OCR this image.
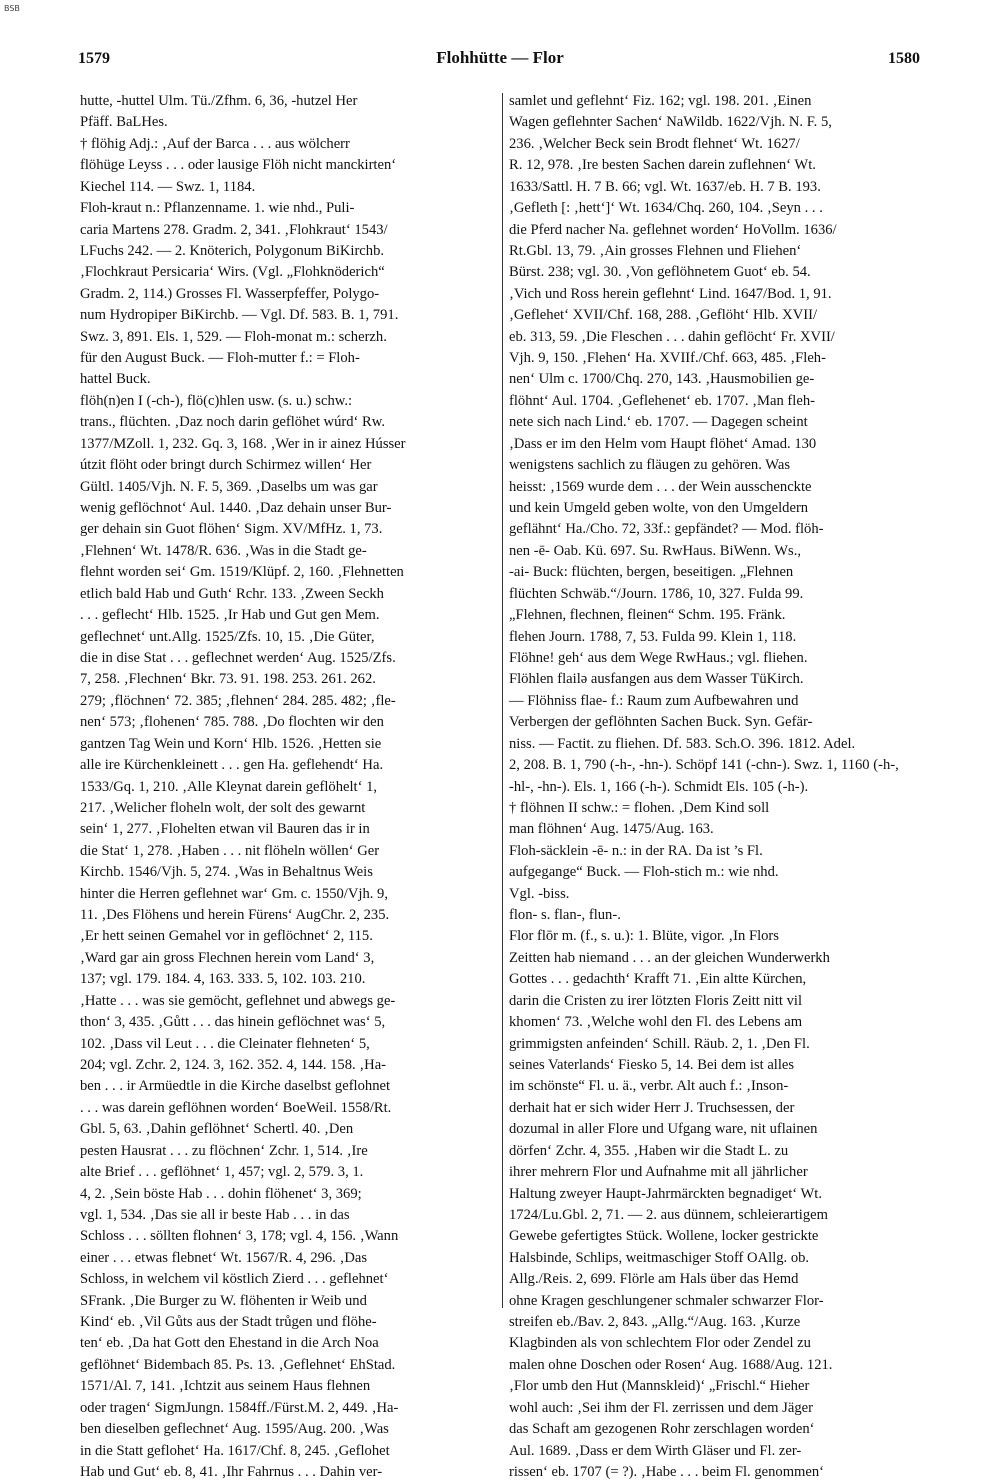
BSB
1579	Flohhütte — Flor	1580
hutte, -huttel Ulm. Tü./Zfhm. 6, 36, -hutzel Her
Pfäff. BaLHes.
† flöhig Adj.: ‚Auf der Barca . . . aus wölcherr
flöhüge Leyss . . . oder lausige Flöh nicht manckirten‘
Kiechel 114. — Swz. 1, 1184.
Floh-kraut n.: Pflanzenname. 1. wie nhd., Puli-
caria Martens 278. Gradm. 2, 341. ‚Flohkraut‘ 1543/
LFuchs 242. — 2. Knöterich, Polygonum BiKirchb.
‚Flochkraut Persicaria‘ Wirs. (Vgl. „Flohknöderich“
Gradm. 2, 114.) Grosses Fl. Wasserpfeffer, Polygo-
num Hydropiper BiKirchb. — Vgl. Df. 583. B. 1, 791.
Swz. 3, 891. Els. 1, 529. — Floh-monat m.: scherzh.
für den August Buck. — Floh-mutter f.: = Floh-
hattel Buck.
flöh(n)en I (-ch-), flö(c)hlen usw. (s. u.) schw.:
trans., flüchten. ‚Daz noch darin geflöhet wúrd‘ Rw.
1377/MZoll. 1, 232. Gq. 3, 168. ‚Wer in ir ainez Hússer
útzit flöht oder bringt durch Schirmez willen‘ Her
Gültl. 1405/Vjh. N. F. 5, 369. ‚Daselbs um was gar
wenig geflöchnot‘ Aul. 1440. ‚Daz dehain unser Bur-
ger dehain sin Guot flöhen‘ Sigm. XV/MfHz. 1, 73.
‚Flehnen‘ Wt. 1478/R. 636. ‚Was in die Stadt ge-
flehnt worden sei‘ Gm. 1519/Klüpf. 2, 160. ‚Flehnetten
etlich bald Hab und Guth‘ Rchr. 133. ‚Zween Seckh
. . . geflecht‘ Hlb. 1525. ‚Ir Hab und Gut gen Mem.
geflechnet‘ unt.Allg. 1525/Zfs. 10, 15. ‚Die Güter,
die in dise Stat . . . geflechnet werden‘ Aug. 1525/Zfs.
7, 258. ‚Flechnen‘ Bkr. 73. 91. 198. 253. 261. 262.
279; ‚flöchnen‘ 72. 385; ‚flehnen‘ 284. 285. 482; ‚fle-
nen‘ 573; ‚flohenen‘ 785. 788. ‚Do flochten wir den
gantzen Tag Wein und Korn‘ Hlb. 1526. ‚Hetten sie
alle ire Kürchenkleinett . . . gen Ha. geflehendt‘ Ha.
1533/Gq. 1, 210. ‚Alle Kleynat darein geflöhelt‘ 1,
217. ‚Welicher floheln wolt, der solt des gewarnt
sein‘ 1, 277. ‚Flohelten etwan vil Bauren das ir in
die Stat‘ 1, 278. ‚Haben . . . nit flöheln wöllen‘ Ger
Kirchb. 1546/Vjh. 5, 274. ‚Was in Behaltnus Weis
hinter die Herren geflehnet war‘ Gm. c. 1550/Vjh. 9,
11. ‚Des Flöhens und herein Fürens‘ AugChr. 2, 235.
‚Er hett seinen Gemahel vor in geflöchnet‘ 2, 115.
‚Ward gar ain gross Flechnen herein vom Land‘ 3,
137; vgl. 179. 184. 4, 163. 333. 5, 102. 103. 210.
‚Hatte . . . was sie gemöcht, geflehnet und abwegs ge-
thon‘ 3, 435. ‚Gůtt . . . das hinein geflöchnet was‘ 5,
102. ‚Dass vil Leut . . . die Cleinater flehneten‘ 5,
204; vgl. Zchr. 2, 124. 3, 162. 352. 4, 144. 158. ‚Ha-
ben . . . ir Armüedtle in die Kirche daselbst geflohnet
. . . was darein geflöhnen worden‘ BoeWeil. 1558/Rt.
Gbl. 5, 63. ‚Dahin geflöhnet‘ Schertl. 40. ‚Den
pesten Hausrat . . . zu flöchnen‘ Zchr. 1, 514. ‚Ire
alte Brief . . . geflöhnet‘ 1, 457; vgl. 2, 579. 3, 1.
4, 2. ‚Sein böste Hab . . . dohin flöhenet‘ 3, 369;
vgl. 1, 534. ‚Das sie all ir beste Hab . . . in das
Schloss . . . söllten flohnen‘ 3, 178; vgl. 4, 156. ‚Wann
einer . . . etwas flebnet‘ Wt. 1567/R. 4, 296. ‚Das
Schloss, in welchem vil köstlich Zierd . . . geflehnet‘
SFrank. ‚Die Burger zu W. flöhenten ir Weib und
Kind‘ eb. ‚Vil Gůts aus der Stadt trůgen und flöhe-
ten‘ eb. ‚Da hat Gott den Ehestand in die Arch Noa
geflöhnet‘ Bidembach 85. Ps. 13. ‚Geflehnet‘ EhStad.
1571/Al. 7, 141. ‚Ichtzit aus seinem Haus flehnen
oder tragen‘ SigmJungn. 1584ff./Fürst.M. 2, 449. ‚Ha-
ben dieselben geflechnet‘ Aug. 1595/Aug. 200. ‚Was
in die Statt geflohet‘ Ha. 1617/Chf. 8, 245. ‚Geflohet
Hab und Gut‘ eb. 8, 41. ‚Ihr Fahrnus . . . Dahin ver-
samlet und geflehnt‘ Fiz. 162; vgl. 198. 201. ‚Einen
Wagen geflehnter Sachen‘ NaWildb. 1622/Vjh. N. F. 5,
236. ‚Welcher Beck sein Brodt flehnet‘ Wt. 1627/
R. 12, 978. ‚Ire besten Sachen darein zuflehnen‘ Wt.
1633/Sattl. H. 7 B. 66; vgl. Wt. 1637/eb. H. 7 B. 193.
‚Gefleth [: ‚hett‘]‘ Wt. 1634/Chq. 260, 104. ‚Seyn . . .
die Pferd nacher Na. geflehnet worden‘ HoVollm. 1636/
Rt.Gbl. 13, 79. ‚Ain grosses Flehnen und Fliehen‘
Bürst. 238; vgl. 30. ‚Von geflöhnetem Guot‘ eb. 54.
‚Vich und Ross herein geflehnt‘ Lind. 1647/Bod. 1, 91.
‚Geflehet‘ XVII/Chf. 168, 288. ‚Geflöht‘ Hlb. XVII/
eb. 313, 59. ‚Die Fleschen . . . dahin geflöcht‘ Fr. XVII/
Vjh. 9, 150. ‚Flehen‘ Ha. XVIIf./Chf. 663, 485. ‚Fleh-
nen‘ Ulm c. 1700/Chq. 270, 143. ‚Hausmobilien ge-
flöhnt‘ Aul. 1704. ‚Geflehenet‘ eb. 1707. ‚Man fleh-
nete sich nach Lind.‘ eb. 1707. — Dagegen scheint
‚Dass er im den Helm vom Haupt flöhet‘ Amad. 130
wenigstens sachlich zu fläugen zu gehören. Was
heisst: ‚1569 wurde dem . . . der Wein ausschenckte
und kein Umgeld geben wolte, von den Umgeldern
geflähnt‘ Ha./Cho. 72, 33f.: gepfändet? — Mod. flöh-
nen -ē- Oab. Kü. 697. Su. RwHaus. BiWenn. Ws.,
-ai- Buck: flüchten, bergen, beseitigen. „Flehnen
flüchten Schwäb.“/Journ. 1786, 10, 327. Fulda 99.
„Flehnen, flechnen, fleinen“ Schm. 195. Fränk.
flehen Journ. 1788, 7, 53. Fulda 99. Klein 1, 118.
Flöhne! geh‘ aus dem Wege RwHaus.; vgl. fliehen.
Flöhlen flailə ausfangen aus dem Wasser TüKirch.
— Flöhniss flae- f.: Raum zum Aufbewahren und
Verbergen der geflöhnten Sachen Buck. Syn. Gefär-
niss. — Factit. zu fliehen. Df. 583. Sch.O. 396. 1812. Adel.
2, 208. B. 1, 790 (-h-, -hn-). Schöpf 141 (-chn-). Swz. 1, 1160 (-h-,
-hl-, -hn-). Els. 1, 166 (-h-). Schmidt Els. 105 (-h-).
† flöhnen II schw.: = flohen. ‚Dem Kind soll
man flöhnen‘ Aug. 1475/Aug. 163.
Floh-säcklein -ē- n.: in der RA. Da ist ’s Fl.
aufgegange“ Buck. — Floh-stich m.: wie nhd.
Vgl. -biss.
flon- s. flan-, flun-.
Flor flōr m. (f., s. u.): 1. Blüte, vigor. ‚In Flors
Zeitten hab niemand . . . an der gleichen Wunderwerkh
Gottes . . . gedachth‘ Krafft 71. ‚Ein altte Kürchen,
darin die Cristen zu irer lötzten Floris Zeitt nitt vil
khomen‘ 73. ‚Welche wohl den Fl. des Lebens am
grimmigsten anfeinden‘ Schill. Räub. 2, 1. ‚Den Fl.
seines Vaterlands‘ Fiesko 5, 14. Bei dem ist alles
im schönste“ Fl. u. ä., verbr. Alt auch f.: ‚Inson-
derhait hat er sich wider Herr J. Truchsessen, der
dozumal in aller Flore und Ufgang ware, nit uflainen
dörfen‘ Zchr. 4, 355. ‚Haben wir die Stadt L. zu
ihrer mehrern Flor und Aufnahme mit all jährlicher
Haltung zweyer Haupt-Jahrmärckten begnadiget‘ Wt.
1724/Lu.Gbl. 2, 71. — 2. aus dünnem, schleierartigem
Gewebe gefertigtes Stück. Wollene, locker gestrickte
Halsbinde, Schlips, weitmaschiger Stoff OAllg. ob.
Allg./Reis. 2, 699. Flörle am Hals über das Hemd
ohne Kragen geschlungener schmaler schwarzer Flor-
streifen eb./Bav. 2, 843. „Allg.“/Aug. 163. ‚Kurze
Klagbinden als von schlechtem Flor oder Zendel zu
malen ohne Doschen oder Rosen‘ Aug. 1688/Aug. 121.
‚Flor umb den Hut (Mannskleid)‘ „Frischl.“ Hieher
wohl auch: ‚Sei ihm der Fl. zerrissen und dem Jäger
das Schaft am gezogenen Rohr zerschlagen worden‘
Aul. 1689. ‚Dass er dem Wirth Gläser und Fl. zer-
rissen‘ eb. 1707 (= ?). ‚Habe . . . beim Fl. genommen‘
